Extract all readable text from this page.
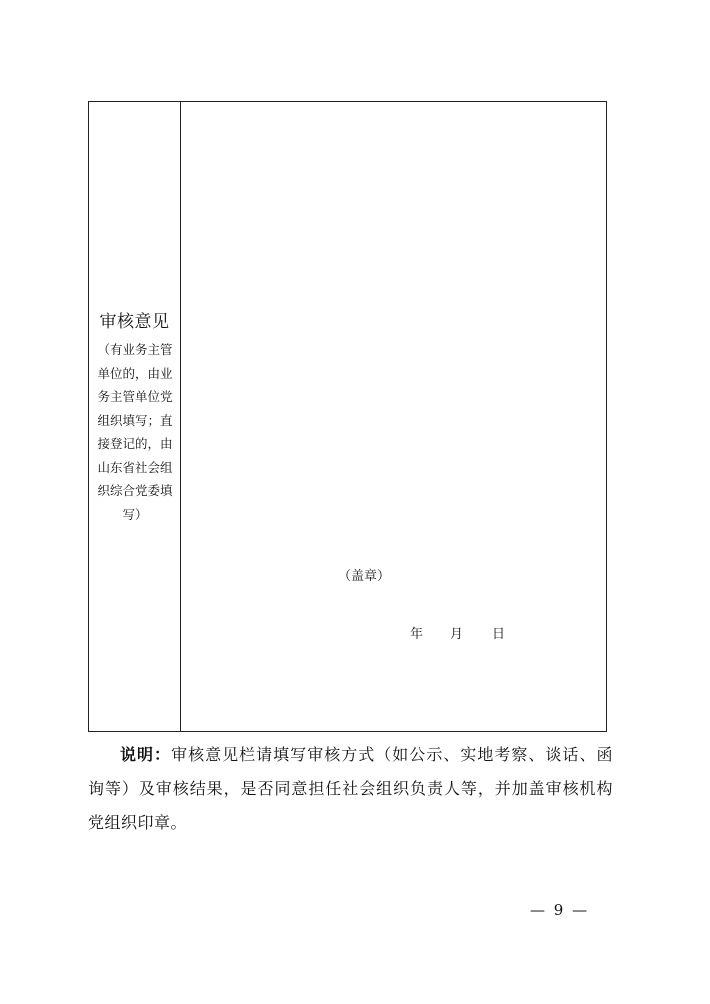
审核意见
（有业务主管单位的，由业务主管单位党组织填写；直接登记的，由山东省社会组织综合党委填写）
（盖章）
年	月	日
说明：审核意见栏请填写审核方式（如公示、实地考察、谈话、函询等）及审核结果，是否同意担任社会组织负责人等，并加盖审核机构党组织印章。
— 9 —
